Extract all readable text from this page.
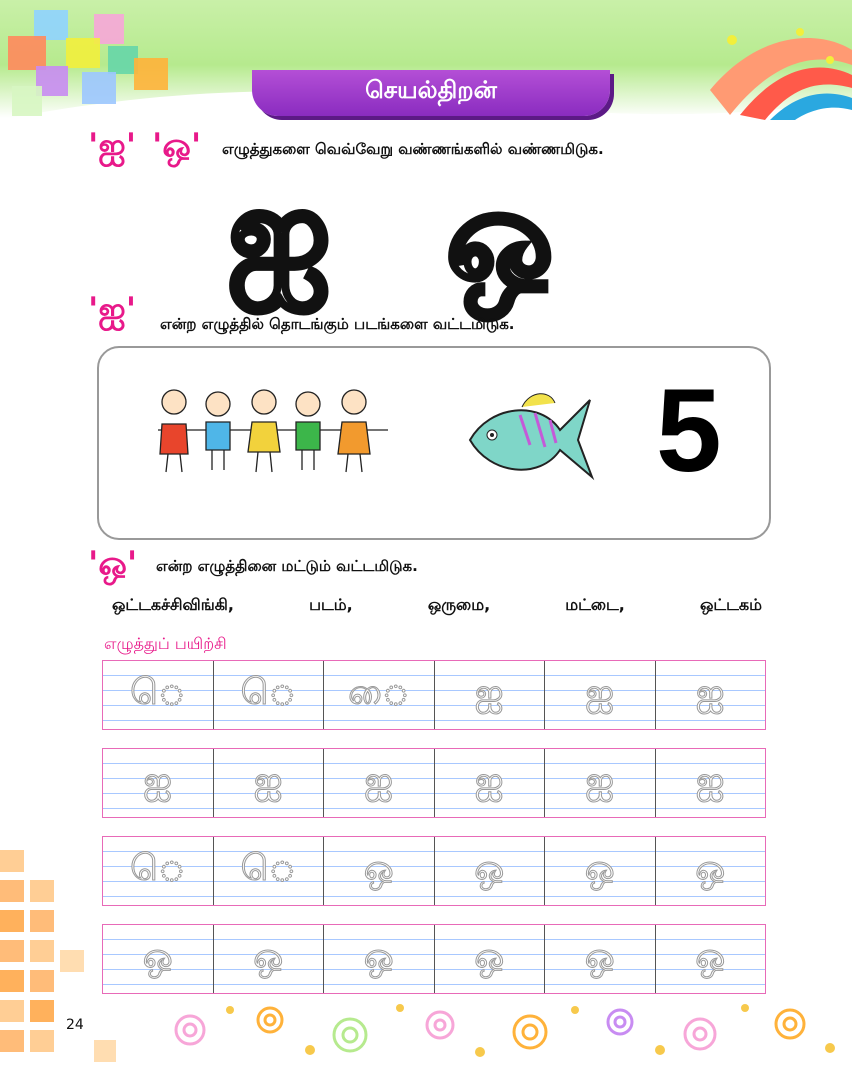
செயல்திறன்
'ஐ' 'ஒ' எழுத்துகளை வெவ்வேறு வண்ணங்களில் வண்ணமிடுக.
ஐ ஒ
'ஐ' என்ற எழுத்தில் தொடங்கும் படங்களை வட்டமிடுக.
5
'ஒ' என்ற எழுத்தினை மட்டும் வட்டமிடுக.
ஒட்டகச்சிவிங்கி,	படம்,	ஒருமை,	மட்டை,	ஒட்டகம்
எழுத்துப் பயிற்சி
ெ	ெ	ை	ஐ	ஐ	ஐ
ஐ	ஐ	ஐ	ஐ	ஐ	ஐ
ெ	ெ	ஒ	ஒ	ஒ	ஒ
ஒ	ஒ	ஒ	ஒ	ஒ	ஒ
24
